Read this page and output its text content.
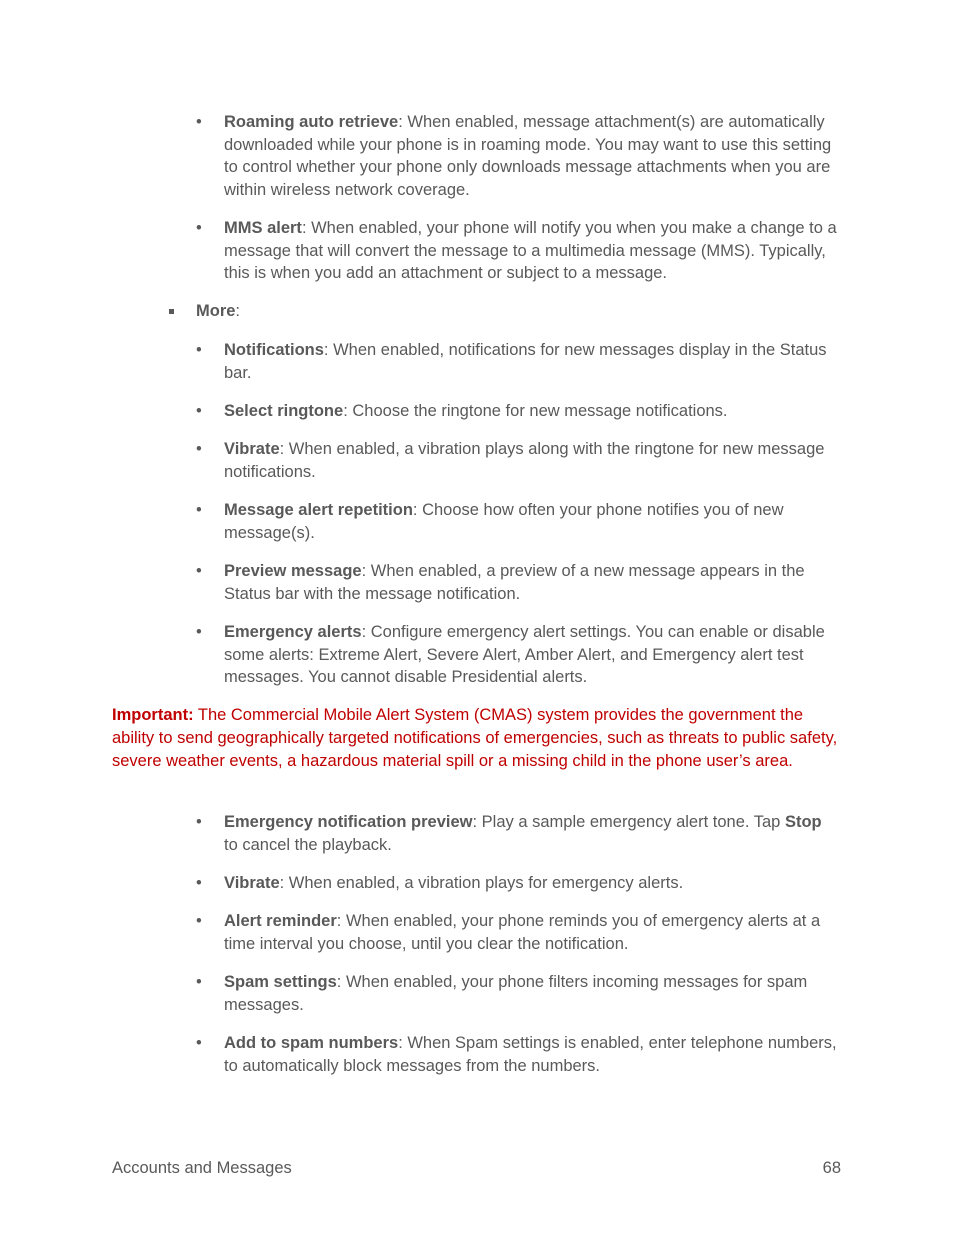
• Roaming auto retrieve: When enabled, message attachment(s) are automatically downloaded while your phone is in roaming mode. You may want to use this setting to control whether your phone only downloads message attachments when you are within wireless network coverage.

• MMS alert: When enabled, your phone will notify you when you make a change to a message that will convert the message to a multimedia message (MMS). Typically, this is when you add an attachment or subject to a message.

More:

• Notifications: When enabled, notifications for new messages display in the Status bar.

• Select ringtone: Choose the ringtone for new message notifications.

• Vibrate: When enabled, a vibration plays along with the ringtone for new message notifications.

• Message alert repetition: Choose how often your phone notifies you of new message(s).

• Preview message: When enabled, a preview of a new message appears in the Status bar with the message notification.

• Emergency alerts: Configure emergency alert settings. You can enable or disable some alerts: Extreme Alert, Severe Alert, Amber Alert, and Emergency alert test messages. You cannot disable Presidential alerts.

Important: The Commercial Mobile Alert System (CMAS) system provides the government the ability to send geographically targeted notifications of emergencies, such as threats to public safety, severe weather events, a hazardous material spill or a missing child in the phone user’s area.

• Emergency notification preview: Play a sample emergency alert tone. Tap Stop to cancel the playback.

• Vibrate: When enabled, a vibration plays for emergency alerts.

• Alert reminder: When enabled, your phone reminds you of emergency alerts at a time interval you choose, until you clear the notification.

• Spam settings: When enabled, your phone filters incoming messages for spam messages.

• Add to spam numbers: When Spam settings is enabled, enter telephone numbers, to automatically block messages from the numbers.

Accounts and Messages	68
